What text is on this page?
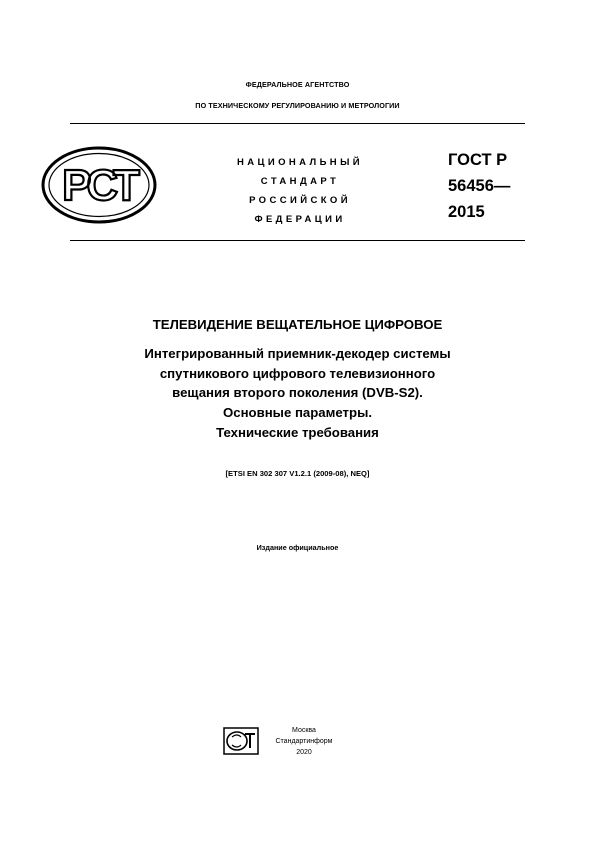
ФЕДЕРАЛЬНОЕ АГЕНТСТВО
ПО ТЕХНИЧЕСКОМУ РЕГУЛИРОВАНИЮ И МЕТРОЛОГИИ
РСТ	НАЦИОНАЛЬНЫЙ
СТАНДАРТ
РОССИЙСКОЙ
ФЕДЕРАЦИИ
ГОСТ Р
56456—
2015
ТЕЛЕВИДЕНИЕ ВЕЩАТЕЛЬНОЕ ЦИФРОВОЕ
Интегрированный приемник-декодер системы
спутникового цифрового телевизионного
вещания второго поколения (DVB-S2).
Основные параметры.
Технические требования
[ETSI EN 302 307 V1.2.1 (2009-08), NEQ]
Издание официальное
Москва
Стандартинформ
2020
